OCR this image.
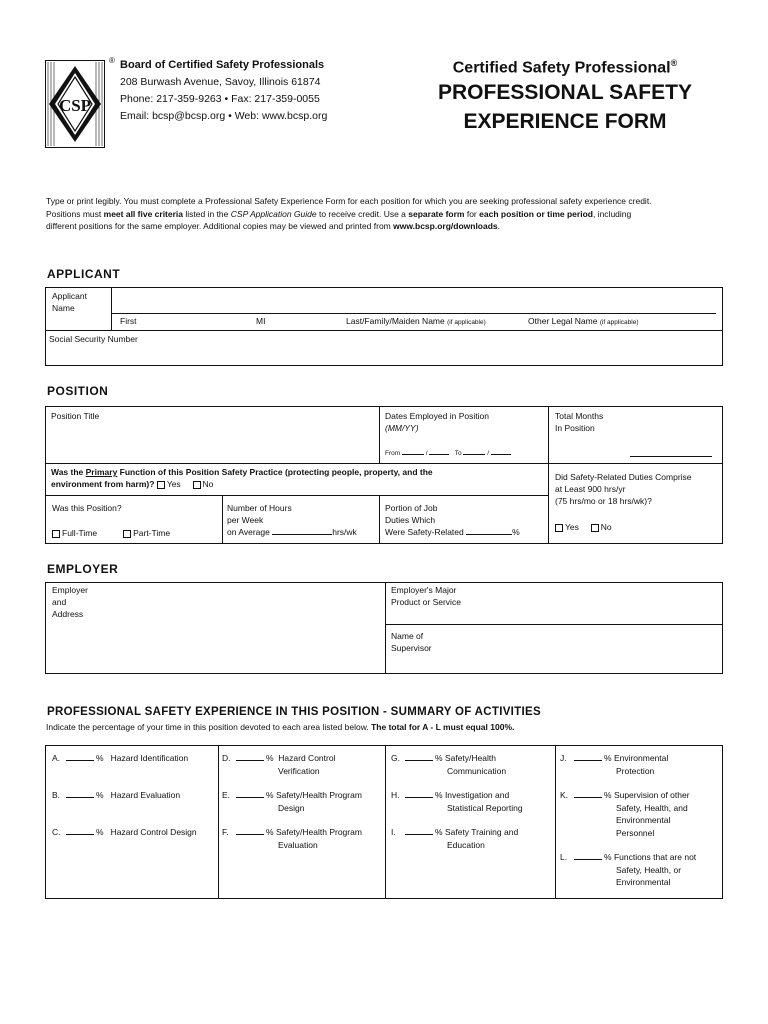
CSP
® Board of Certified Safety Professionals
208 Burwash Avenue, Savoy, Illinois 61874
Phone: 217-359-9263 • Fax: 217-359-0055
Email: bcsp@bcsp.org • Web: www.bcsp.org
Certified Safety Professional®
PROFESSIONAL SAFETY
EXPERIENCE FORM
Type or print legibly. You must complete a Professional Safety Experience Form for each position for which you are seeking professional safety experience credit.
Positions must meet all five criteria listed in the CSP Application Guide to receive credit. Use a separate form for each position or time period, including
different positions for the same employer. Additional copies may be viewed and printed from www.bcsp.org/downloads.
APPLICANT
Applicant
Name
First	MI	Last/Family/Maiden Name (if applicable)	Other Legal Name (if applicable)
Social Security Number
POSITION
Position Title	Dates Employed in Position
(MM/YY)
From	/	To	/
Total Months
In Position
Was the Primary Function of this Position Safety Practice (protecting people, property, and the
environment from harm)? Yes	No
Did Safety-Related Duties Comprise
at Least 900 hrs/yr
(75 hrs/mo or 18 hrs/wk)?
Yes	No
Was this Position?
Full-Time	Part-Time
Number of Hours
per Week
on Average	hrs/wk
Portion of Job
Duties Which
Were Safety-Related	%
EMPLOYER
Employer
and
Address
Employer's Major
Product or Service
Name of
Supervisor
PROFESSIONAL SAFETY EXPERIENCE IN THIS POSITION - SUMMARY OF ACTIVITIES
Indicate the percentage of your time in this position devoted to each area listed below. The total for A - L must equal 100%.
A.	% Hazard Identification
B.	% Hazard Evaluation
C.	% Hazard Control Design
D.	% Hazard Control
Verification
E.	% Safety/Health Program
Design
F.	% Safety/Health Program
Evaluation
G.	% Safety/Health
Communication
H.	% Investigation and
Statistical Reporting
I.	% Safety Training and
Education
J.	% Environmental
Protection
K.	% Supervision of other
Safety, Health, and
Environmental
Personnel
L.	% Functions that are not
Safety, Health, or
Environmental
